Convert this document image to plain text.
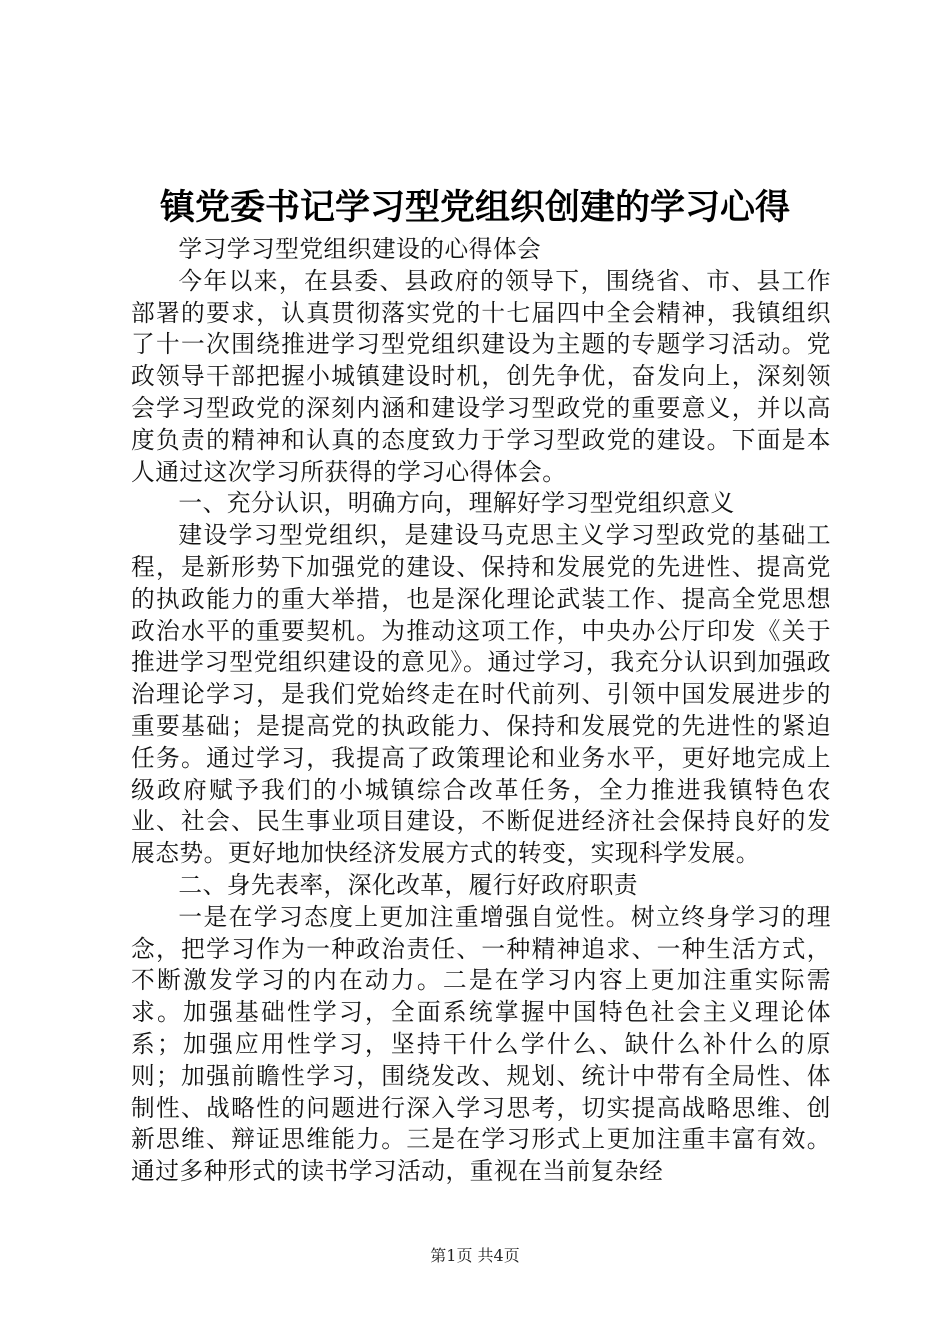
镇党委书记学习型党组织创建的学习心得

学习学习型党组织建设的心得体会

今年以来，在县委、县政府的领导下，围绕省、市、县工作部署的要求，认真贯彻落实党的十七届四中全会精神，我镇组织了十一次围绕推进学习型党组织建设为主题的专题学习活动。党政领导干部把握小城镇建设时机，创先争优，奋发向上，深刻领会学习型政党的深刻内涵和建设学习型政党的重要意义，并以高度负责的精神和认真的态度致力于学习型政党的建设。下面是本人通过这次学习所获得的学习心得体会。

一、充分认识，明确方向，理解好学习型党组织意义

建设学习型党组织，是建设马克思主义学习型政党的基础工程，是新形势下加强党的建设、保持和发展党的先进性、提高党的执政能力的重大举措，也是深化理论武装工作、提高全党思想政治水平的重要契机。为推动这项工作，中央办公厅印发《关于推进学习型党组织建设的意见》。通过学习，我充分认识到加强政治理论学习，是我们党始终走在时代前列、引领中国发展进步的重要基础；是提高党的执政能力、保持和发展党的先进性的紧迫任务。通过学习，我提高了政策理论和业务水平，更好地完成上级政府赋予我们的小城镇综合改革任务，全力推进我镇特色农业、社会、民生事业项目建设，不断促进经济社会保持良好的发展态势。更好地加快经济发展方式的转变，实现科学发展。

二、身先表率，深化改革，履行好政府职责

一是在学习态度上更加注重增强自觉性。树立终身学习的理念，把学习作为一种政治责任、一种精神追求、一种生活方式，不断激发学习的内在动力。二是在学习内容上更加注重实际需求。加强基础性学习，全面系统掌握中国特色社会主义理论体系；加强应用性学习，坚持干什么学什么、缺什么补什么的原则；加强前瞻性学习，围绕发改、规划、统计中带有全局性、体制性、战略性的问题进行深入学习思考，切实提高战略思维、创新思维、辩证思维能力。三是在学习形式上更加注重丰富有效。通过多种形式的读书学习活动，重视在当前复杂经

第1页 共4页
